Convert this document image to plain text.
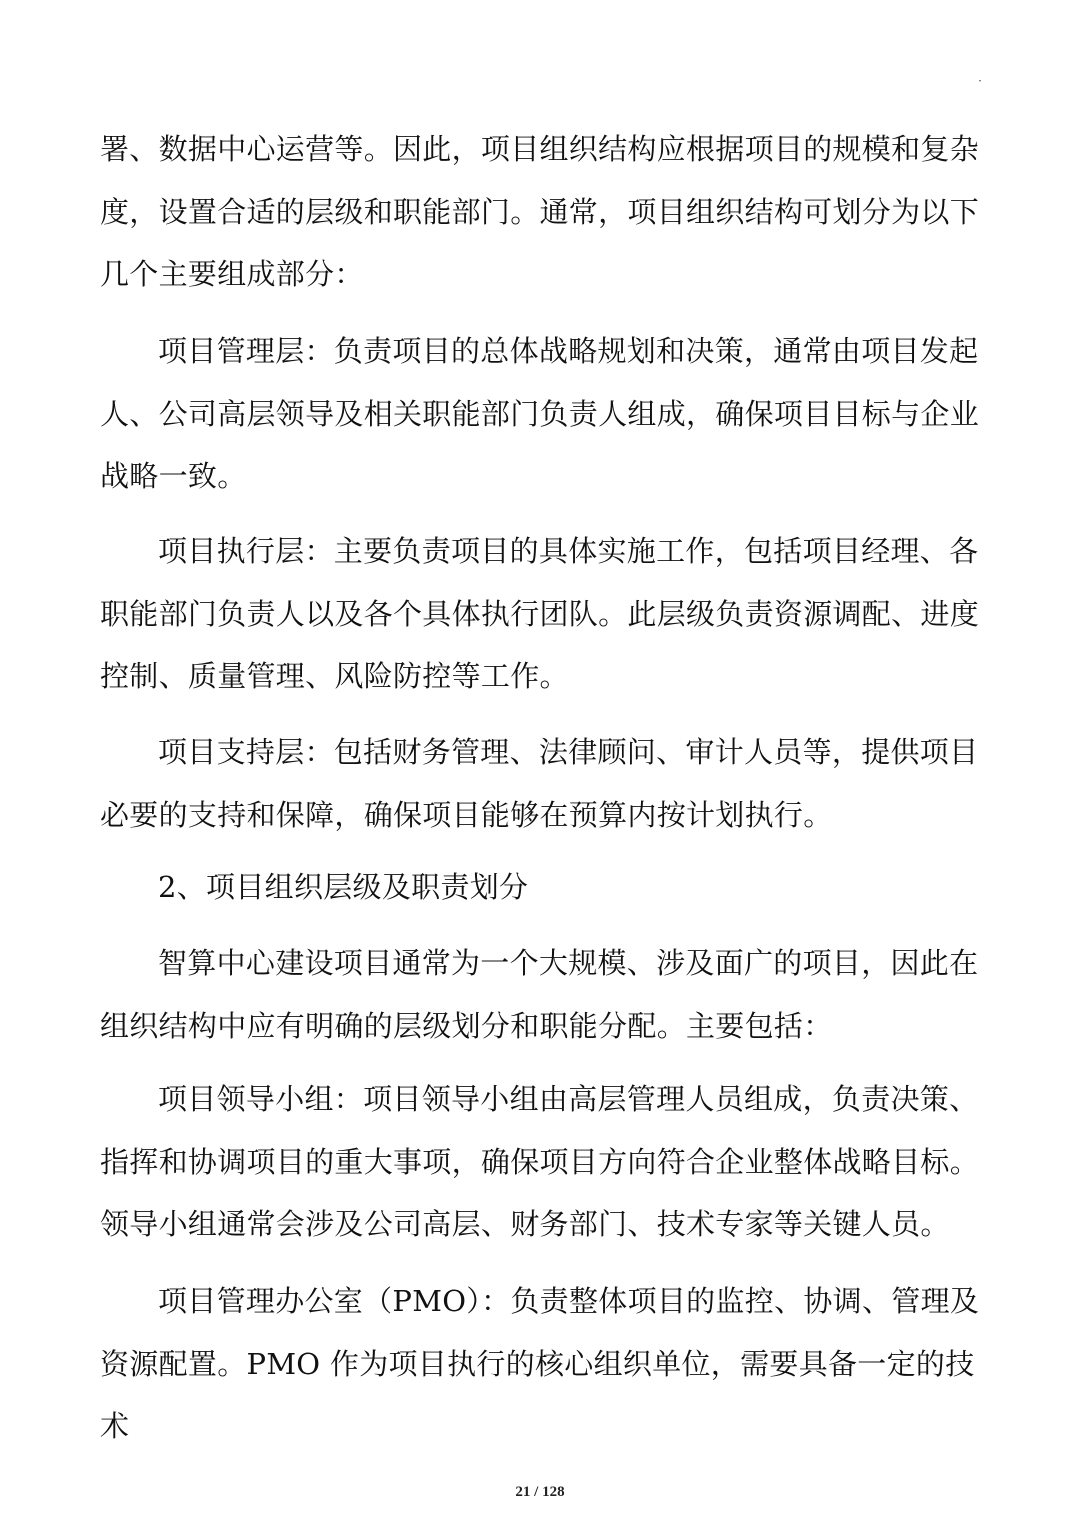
·

署、数据中心运营等。因此，项目组织结构应根据项目的规模和复杂度，设置合适的层级和职能部门。通常，项目组织结构可划分为以下几个主要组成部分：

项目管理层：负责项目的总体战略规划和决策，通常由项目发起人、公司高层领导及相关职能部门负责人组成，确保项目目标与企业战略一致。

项目执行层：主要负责项目的具体实施工作，包括项目经理、各职能部门负责人以及各个具体执行团队。此层级负责资源调配、进度控制、质量管理、风险防控等工作。

项目支持层：包括财务管理、法律顾问、审计人员等，提供项目必要的支持和保障，确保项目能够在预算内按计划执行。

2、项目组织层级及职责划分

智算中心建设项目通常为一个大规模、涉及面广的项目，因此在组织结构中应有明确的层级划分和职能分配。主要包括：

项目领导小组：项目领导小组由高层管理人员组成，负责决策、指挥和协调项目的重大事项，确保项目方向符合企业整体战略目标。领导小组通常会涉及公司高层、财务部门、技术专家等关键人员。

项目管理办公室（PMO）：负责整体项目的监控、协调、管理及资源配置。PMO 作为项目执行的核心组织单位，需要具备一定的技术

21 / 128
